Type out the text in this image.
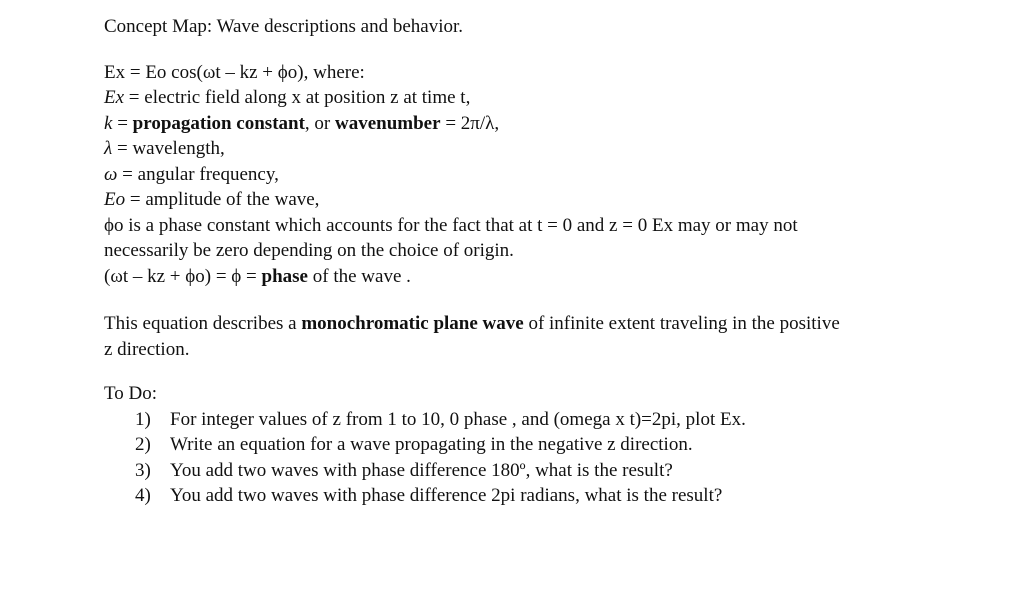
Concept Map: Wave descriptions and behavior.
Ex = Eo cos(ωt – kz + ϕo), where:
Ex = electric field along x at position z at time t,
k = propagation constant, or wavenumber = 2π/λ,
λ = wavelength,
ω = angular frequency,
Eo = amplitude of the wave,
ϕo is a phase constant which accounts for the fact that at t = 0 and z = 0 Ex may or may not
necessarily be zero depending on the choice of origin.
(ωt – kz + ϕo) = ϕ = phase of the wave .
This equation describes a monochromatic plane wave of infinite extent traveling in the positive
z direction.
To Do:
1) For integer values of z from 1 to 10, 0 phase , and (omega x t)=2pi, plot Ex.
2) Write an equation for a wave propagating in the negative z direction.
3) You add two waves with phase difference 180º, what is the result?
4) You add two waves with phase difference 2pi radians, what is the result?
